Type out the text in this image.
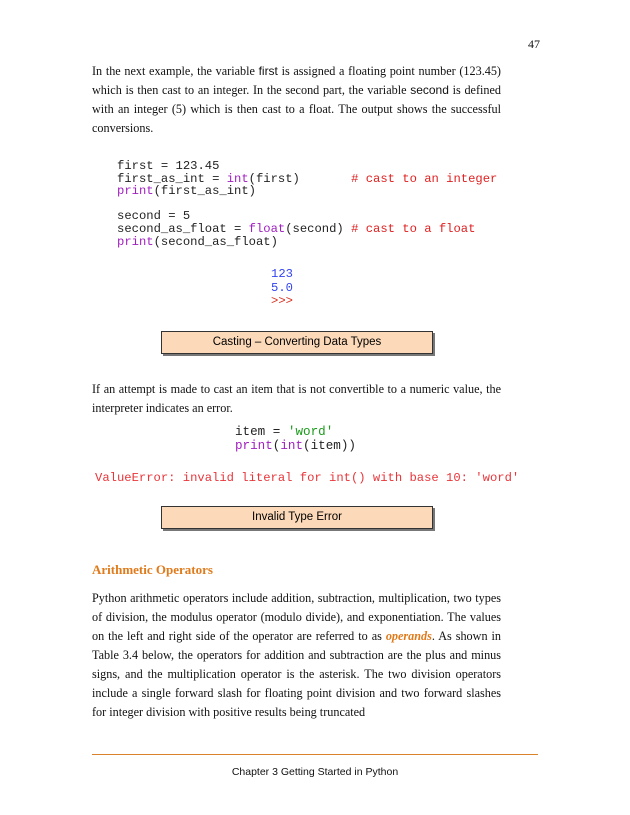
47

In the next example, the variable first is assigned a floating point number (123.45) which is then cast to an integer. In the second part, the variable second is defined with an integer (5) which is then cast to a float. The output shows the successful conversions.

first = 123.45
first_as_int = int(first)       # cast to an integer
print(first_as_int)
second = 5
second_as_float = float(second) # cast to a float
print(second_as_float)
123
5.0
>>>
Casting – Converting Data Types

If an attempt is made to cast an item that is not convertible to a numeric value, the interpreter indicates an error.

item = 'word'
print(int(item))
ValueError: invalid literal for int() with base 10: 'word'
Invalid Type Error
Arithmetic Operators

Python arithmetic operators include addition, subtraction, multiplication, two types of division, the modulus operator (modulo divide), and exponentiation. The values on the left and right side of the operator are referred to as operands. As shown in Table 3.4 below, the operators for addition and subtraction are the plus and minus signs, and the multiplication operator is the asterisk. The two division operators include a single forward slash for floating point division and two forward slashes for integer division with positive results being truncated

Chapter 3 Getting Started in Python
